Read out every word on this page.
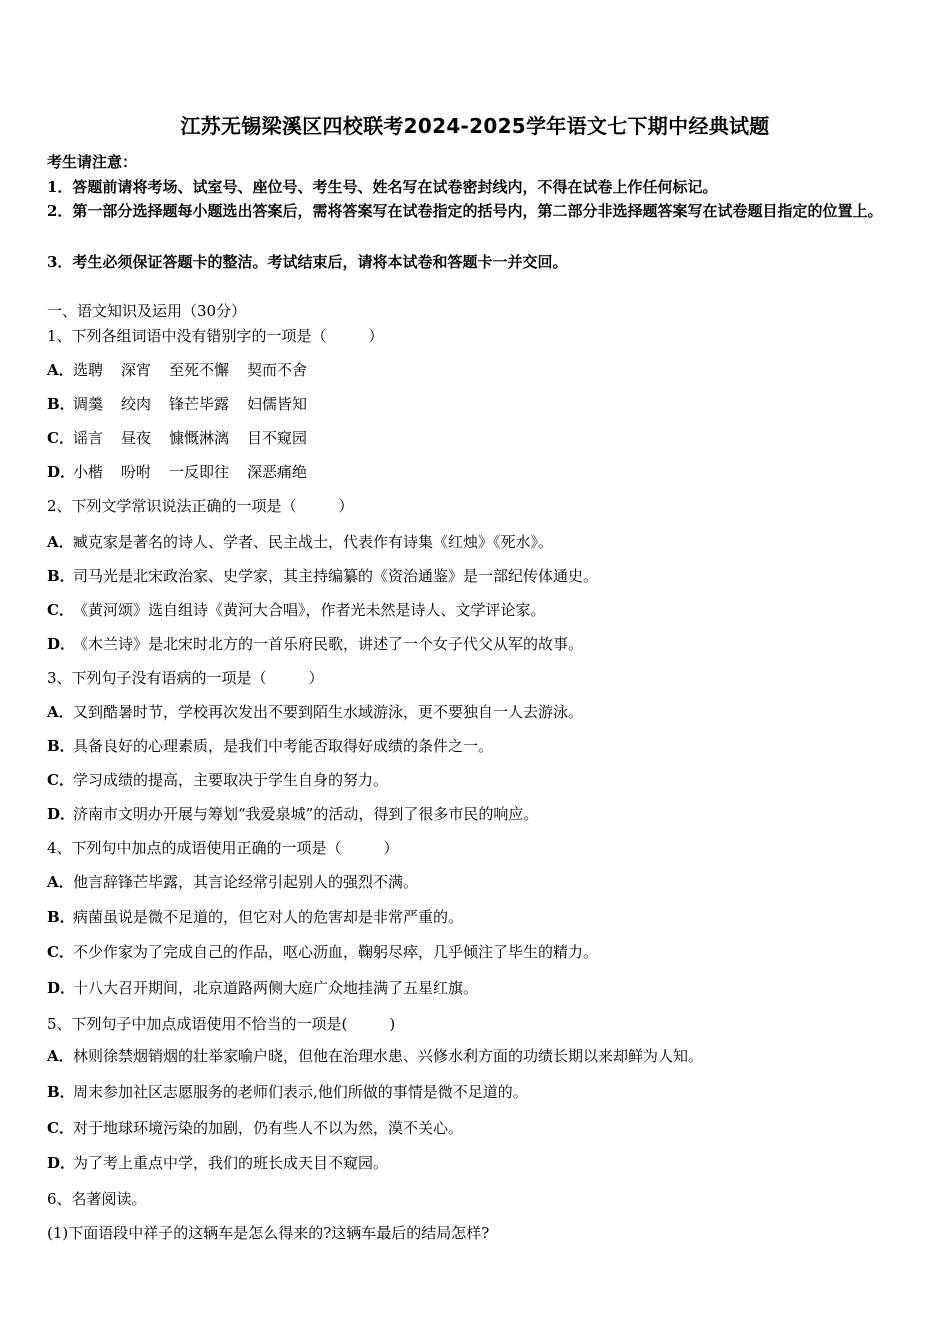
江苏无锡梁溪区四校联考2024-2025学年语文七下期中经典试题
考生请注意：
1．答题前请将考场、试室号、座位号、考生号、姓名写在试卷密封线内，不得在试卷上作任何标记。
2．第一部分选择题每小题选出答案后，需将答案写在试卷指定的括号内，第二部分非选择题答案写在试卷题目指定的位置上。
3．考生必须保证答题卡的整洁。考试结束后，请将本试卷和答题卡一并交回。
一、语文知识及运用（30分）
1、下列各组词语中没有错别字的一项是（	）
A．选聘 深宵 至死不懈 契而不舍
B．调羹 绞肉 锋芒毕露 妇儒皆知
C．谣言 昼夜 慷慨淋漓 目不窥园
D．小楷 吩咐 一反即往 深恶痛绝
2、下列文学常识说法正确的一项是（	）
A．臧克家是著名的诗人、学者、民主战士，代表作有诗集《红烛》《死水》。
B．司马光是北宋政治家、史学家，其主持编纂的《资治通鉴》是一部纪传体通史。
C．《黄河颂》选自组诗《黄河大合唱》，作者光未然是诗人、文学评论家。
D．《木兰诗》是北宋时北方的一首乐府民歌，讲述了一个女子代父从军的故事。
3、下列句子没有语病的一项是（	）
A．又到酷暑时节，学校再次发出不要到陌生水域游泳，更不要独自一人去游泳。
B．具备良好的心理素质，是我们中考能否取得好成绩的条件之一。
C．学习成绩的提高，主要取决于学生自身的努力。
D．济南市文明办开展与筹划“我爱泉城”的活动，得到了很多市民的响应。
4、下列句中加点的成语使用正确的一项是（	）
A．他言辞锋芒毕露，其言论经常引起别人的强烈不满。
B．病菌虽说是微不足道的，但它对人的危害却是非常严重的。
C．不少作家为了完成自己的作品，呕心沥血，鞠躬尽瘁，几乎倾注了毕生的精力。
D．十八大召开期间，北京道路两侧大庭广众地挂满了五星红旗。
5、下列句子中加点成语使用不恰当的一项是(	)
A．林则徐禁烟销烟的壮举家喻户晓，但他在治理水患、兴修水利方面的功绩长期以来却鲜为人知。
B．周末参加社区志愿服务的老师们表示,他们所做的事情是微不足道的。
C．对于地球环境污染的加剧，仍有些人不以为然，漠不关心。
D．为了考上重点中学，我们的班长成天目不窥园。
6、名著阅读。
(1)下面语段中祥子的这辆车是怎么得来的?这辆车最后的结局怎样?
